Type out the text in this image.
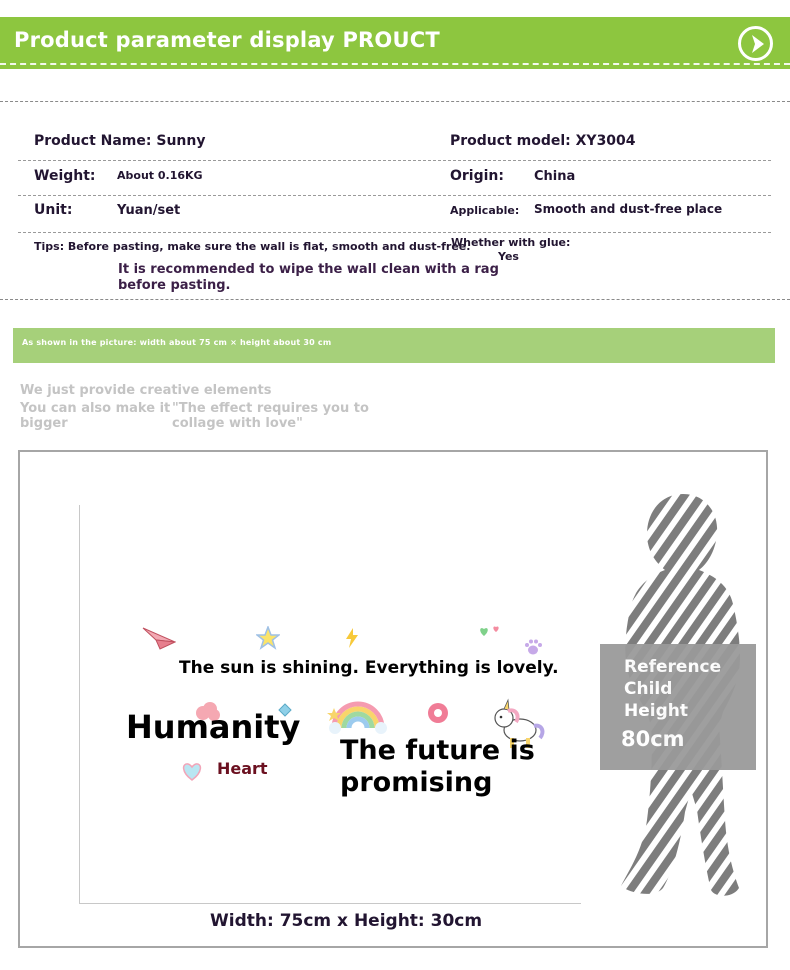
Product parameter display PROUCT
Product Name: Sunny	Product model: XY3004
Weight: About 0.16KG	Origin: China
Unit:	Yuan/set	Applicable: Smooth and dust-free place
Tips: Before pasting, make sure the wall is flat, smooth and dust-free.
It is recommended to wipe the wall clean with a rag
before pasting.
Whether with glue:
Yes
As shown in the picture: width about 75 cm × height about 30 cm
We just provide creative elements
You can also make it
bigger
"The effect requires you to
collage with love"
The sun is shining. Everything is lovely.
Humanity
Heart
The future is
promising
Reference
Child
Height
80cm
Width: 75cm x Height: 30cm
